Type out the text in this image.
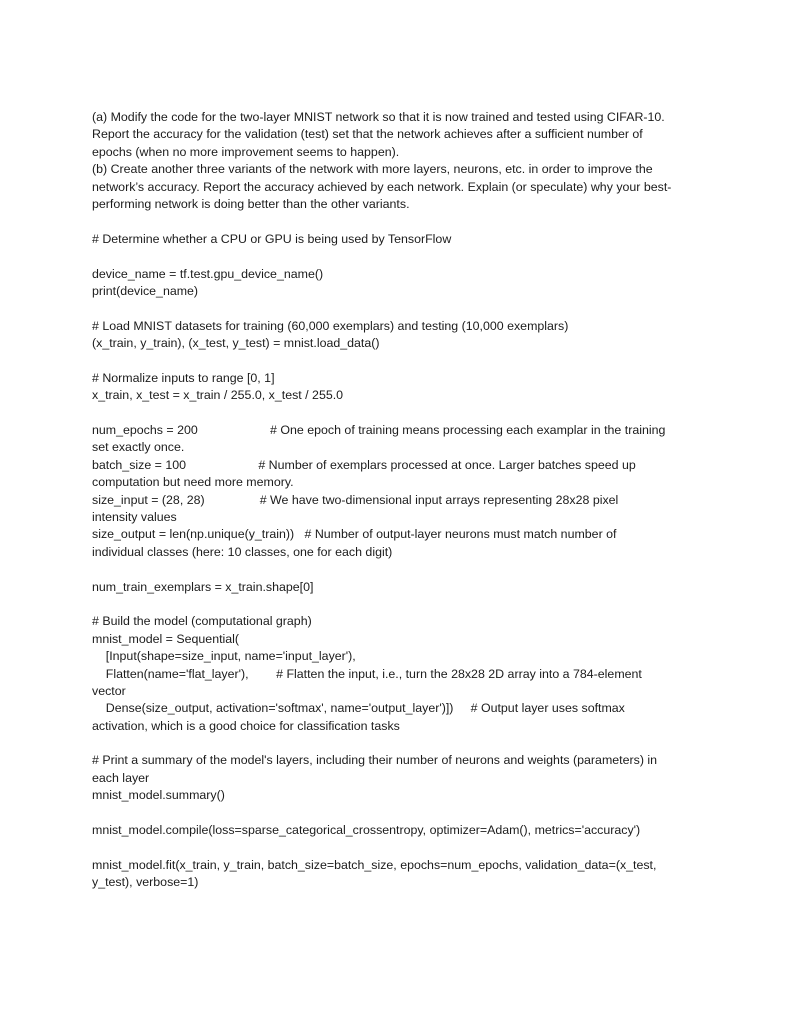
(a) Modify the code for the two-layer MNIST network so that it is now trained and tested using CIFAR-10.
Report the accuracy for the validation (test) set that the network achieves after a sufficient number of
epochs (when no more improvement seems to happen).
(b) Create another three variants of the network with more layers, neurons, etc. in order to improve the
network’s accuracy. Report the accuracy achieved by each network. Explain (or speculate) why your best-
performing network is doing better than the other variants.
# Determine whether a CPU or GPU is being used by TensorFlow
device_name = tf.test.gpu_device_name()
print(device_name)
# Load MNIST datasets for training (60,000 exemplars) and testing (10,000 exemplars)
(x_train, y_train), (x_test, y_test) = mnist.load_data()
# Normalize inputs to range [0, 1]
x_train, x_test = x_train / 255.0, x_test / 255.0
num_epochs = 200                     # One epoch of training means processing each examplar in the training
set exactly once.
batch_size = 100                     # Number of exemplars processed at once. Larger batches speed up
computation but need more memory.
size_input = (28, 28)                # We have two-dimensional input arrays representing 28x28 pixel
intensity values
size_output = len(np.unique(y_train))   # Number of output-layer neurons must match number of
individual classes (here: 10 classes, one for each digit)
num_train_exemplars = x_train.shape[0]
# Build the model (computational graph)
mnist_model = Sequential(
[Input(shape=size_input, name='input_layer'),
Flatten(name='flat_layer'),        # Flatten the input, i.e., turn the 28x28 2D array into a 784-element
vector
Dense(size_output, activation='softmax', name='output_layer')])     # Output layer uses softmax
activation, which is a good choice for classification tasks
# Print a summary of the model's layers, including their number of neurons and weights (parameters) in
each layer
mnist_model.summary()
mnist_model.compile(loss=sparse_categorical_crossentropy, optimizer=Adam(), metrics='accuracy')
mnist_model.fit(x_train, y_train, batch_size=batch_size, epochs=num_epochs, validation_data=(x_test,
y_test), verbose=1)
